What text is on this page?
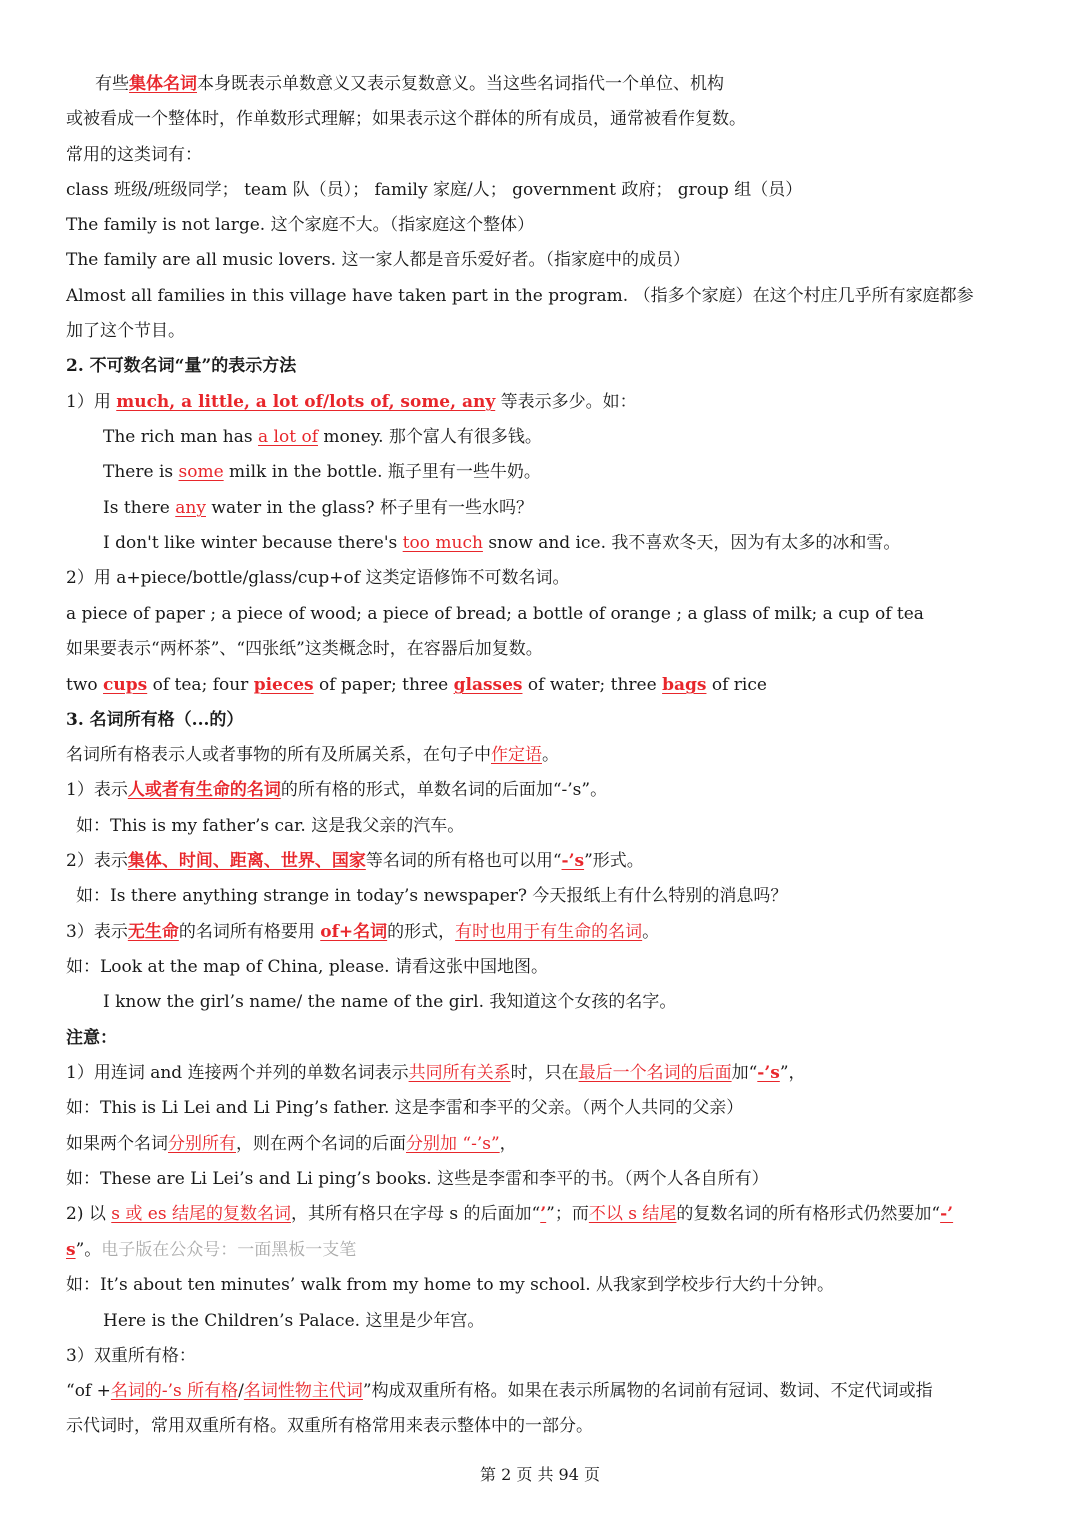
有些集体名词本身既表示单数意义又表示复数意义。当这些名词指代一个单位、机构
或被看成一个整体时，作单数形式理解；如果表示这个群体的所有成员，通常被看作复数。
常用的这类词有：
class 班级/班级同学； team 队（员）； family 家庭/人； government 政府； group 组（员）
The family is not large. 这个家庭不大。（指家庭这个整体）
The family are all music lovers. 这一家人都是音乐爱好者。（指家庭中的成员）
Almost all families in this village have taken part in the program. （指多个家庭）在这个村庄几乎所有家庭都参
加了这个节目。
2. 不可数名词“量”的表示方法
1）用 much, a little, a lot of/lots of, some, any 等表示多少。如：
The rich man has a lot of money. 那个富人有很多钱。
There is some milk in the bottle. 瓶子里有一些牛奶。
Is there any water in the glass? 杯子里有一些水吗？
I don't like winter because there's too much snow and ice. 我不喜欢冬天，因为有太多的冰和雪。
2）用 a+piece/bottle/glass/cup+of 这类定语修饰不可数名词。
a piece of paper ; a piece of wood; a piece of bread; a bottle of orange ; a glass of milk; a cup of tea
如果要表示“两杯茶”、“四张纸”这类概念时，在容器后加复数。
two cups of tea; four pieces of paper; three glasses of water; three bags of rice
3. 名词所有格（...的）
名词所有格表示人或者事物的所有及所属关系，在句子中作定语。
1）表示人或者有生命的名词的所有格的形式，单数名词的后面加“-’s”。
如：This is my father’s car. 这是我父亲的汽车。
2）表示集体、时间、距离、世界、国家等名词的所有格也可以用“-’s”形式。
如：Is there anything strange in today’s newspaper? 今天报纸上有什么特别的消息吗？
3）表示无生命的名词所有格要用 of+名词的形式，有时也用于有生命的名词。
如：Look at the map of China, please. 请看这张中国地图。
I know the girl’s name/ the name of the girl. 我知道这个女孩的名字。
注意：
1）用连词 and 连接两个并列的单数名词表示共同所有关系时，只在最后一个名词的后面加“-’s”，
如：This is Li Lei and Li Ping’s father. 这是李雷和李平的父亲。（两个人共同的父亲）
如果两个名词分别所有，则在两个名词的后面分别加 “-’s”，
如：These are Li Lei’s and Li ping’s books. 这些是李雷和李平的书。（两个人各自所有）
2) 以 s 或 es 结尾的复数名词，其所有格只在字母 s 的后面加“’”；而不以 s 结尾的复数名词的所有格形式仍然要加“-’
s”。电子版在公众号：一面黑板一支笔
如：It’s about ten minutes’ walk from my home to my school. 从我家到学校步行大约十分钟。
Here is the Children’s Palace. 这里是少年宫。
3）双重所有格：
“of +名词的-’s 所有格/名词性物主代词”构成双重所有格。如果在表示所属物的名词前有冠词、数词、不定代词或指
示代词时，常用双重所有格。双重所有格常用来表示整体中的一部分。
第 2 页 共 94 页
